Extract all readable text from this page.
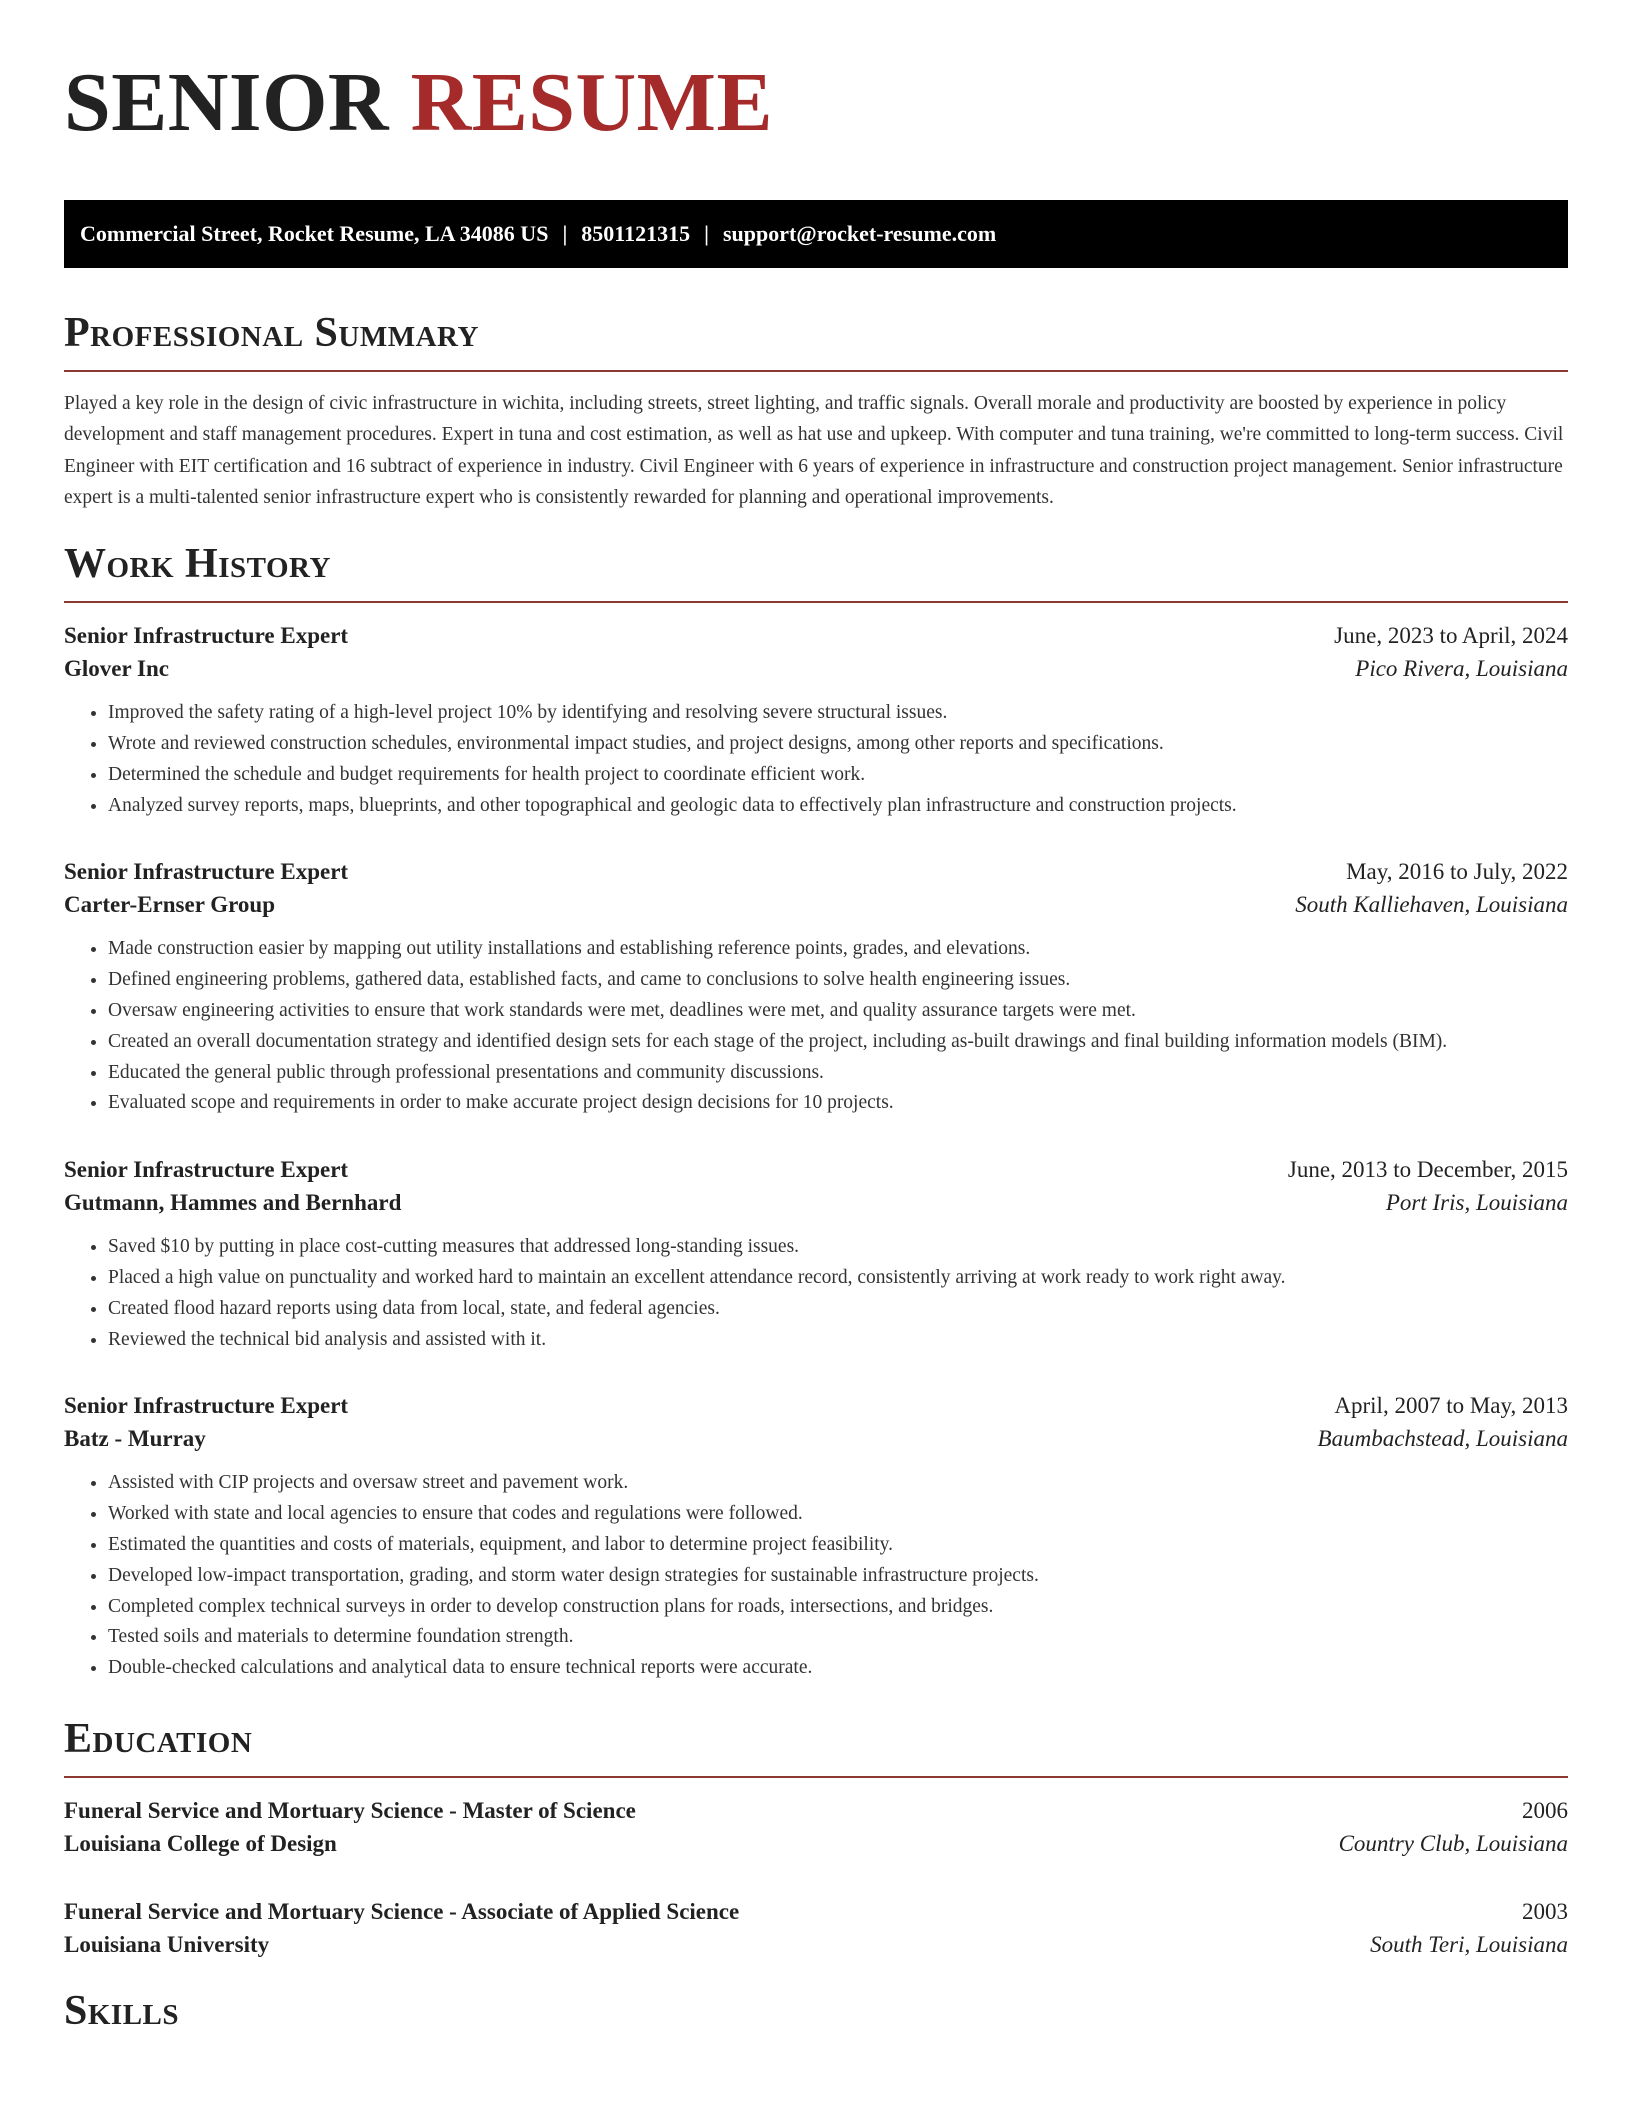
SENIOR RESUME
Commercial Street, Rocket Resume, LA 34086 US | 8501121315 | support@rocket-resume.com
Professional Summary

Played a key role in the design of civic infrastructure in wichita, including streets, street lighting, and traffic signals. Overall morale and productivity are boosted by experience in policy development and staff management procedures. Expert in tuna and cost estimation, as well as hat use and upkeep. With computer and tuna training, we're committed to long-term success. Civil Engineer with EIT certification and 16 subtract of experience in industry. Civil Engineer with 6 years of experience in infrastructure and construction project management. Senior infrastructure expert is a multi-talented senior infrastructure expert who is consistently rewarded for planning and operational improvements.

Work History
Senior Infrastructure Expert	June, 2023 to April, 2024
Glover Inc	Pico Rivera, Louisiana
• Improved the safety rating of a high-level project 10% by identifying and resolving severe structural issues.
• Wrote and reviewed construction schedules, environmental impact studies, and project designs, among other reports and specifications.
• Determined the schedule and budget requirements for health project to coordinate efficient work.
• Analyzed survey reports, maps, blueprints, and other topographical and geologic data to effectively plan infrastructure and construction projects.
Senior Infrastructure Expert	May, 2016 to July, 2022
Carter-Ernser Group	South Kalliehaven, Louisiana
• Made construction easier by mapping out utility installations and establishing reference points, grades, and elevations.
• Defined engineering problems, gathered data, established facts, and came to conclusions to solve health engineering issues.
• Oversaw engineering activities to ensure that work standards were met, deadlines were met, and quality assurance targets were met.
• Created an overall documentation strategy and identified design sets for each stage of the project, including as-built drawings and final building information models (BIM).
• Educated the general public through professional presentations and community discussions.
• Evaluated scope and requirements in order to make accurate project design decisions for 10 projects.
Senior Infrastructure Expert	June, 2013 to December, 2015
Gutmann, Hammes and Bernhard	Port Iris, Louisiana
• Saved $10 by putting in place cost-cutting measures that addressed long-standing issues.
• Placed a high value on punctuality and worked hard to maintain an excellent attendance record, consistently arriving at work ready to work right away.
• Created flood hazard reports using data from local, state, and federal agencies.
• Reviewed the technical bid analysis and assisted with it.
Senior Infrastructure Expert	April, 2007 to May, 2013
Batz - Murray	Baumbachstead, Louisiana
• Assisted with CIP projects and oversaw street and pavement work.
• Worked with state and local agencies to ensure that codes and regulations were followed.
• Estimated the quantities and costs of materials, equipment, and labor to determine project feasibility.
• Developed low-impact transportation, grading, and storm water design strategies for sustainable infrastructure projects.
• Completed complex technical surveys in order to develop construction plans for roads, intersections, and bridges.
• Tested soils and materials to determine foundation strength.
• Double-checked calculations and analytical data to ensure technical reports were accurate.
Education
Funeral Service and Mortuary Science - Master of Science	2006
Louisiana College of Design	Country Club, Louisiana
Funeral Service and Mortuary Science - Associate of Applied Science	2003
Louisiana University	South Teri, Louisiana
Skills
